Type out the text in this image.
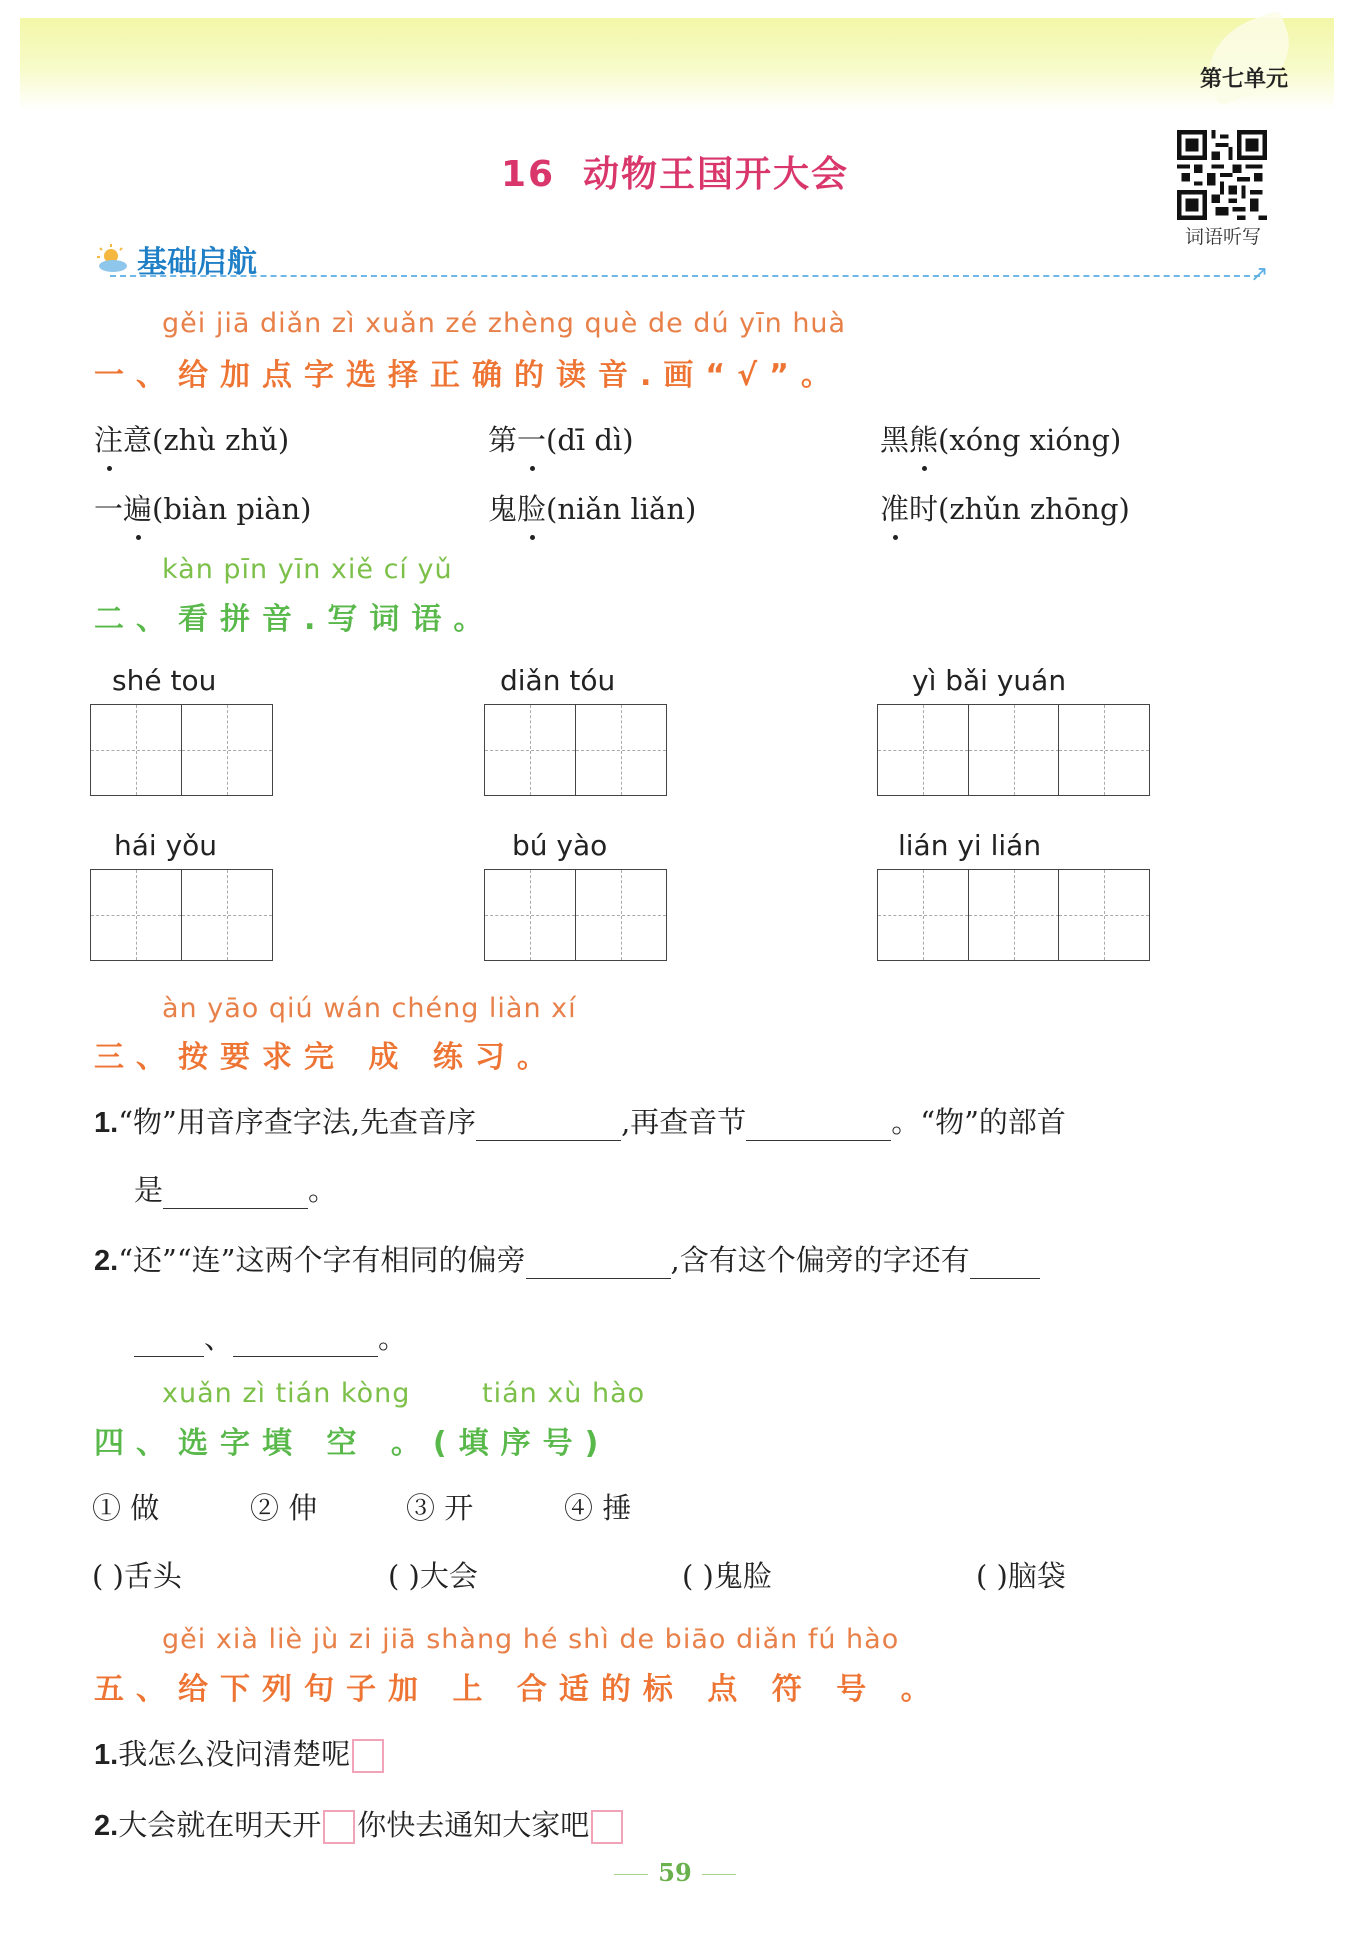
第七单元
16 动物王国开大会
词语听写
基础启航	↗
gěi jiā diǎn zì xuǎn zé zhèng què de dú yīn huà
一、给加点字选择正确的读音.画“√”。
注意(zhù zhǔ)	第一(dī dì)	黑熊(xóng xióng)
一遍(biàn piàn)	鬼脸(niǎn liǎn)	准时(zhǔn zhōng)
kàn pīn yīn xiě cí yǔ
二、看拼音.写词语。
shé tou	diǎn tóu	yì bǎi yuán
hái yǒu	bú yào	lián yi lián
àn yāo qiú wán chéng liàn xí
三、按要求完 成 练习。
1.“物”用音序查字法,先查音序	,再查音节	。“物”的部首
是	。
2.“还”“连”这两个字有相同的偏旁	,含有这个偏旁的字还有
、	。
xuǎn zì tián kòng	tián xù hào
四、选字填 空 。(填序号)
① 做	② 伸	③ 开	④ 捶
( )舌头	( )大会	( )鬼脸	( )脑袋
gěi xià liè jù zi jiā shàng hé shì de biāo diǎn fú hào
五、给下列句子加 上 合适的标 点 符 号 。
1.我怎么没问清楚呢
2.大会就在明天开 你快去通知大家吧
59
